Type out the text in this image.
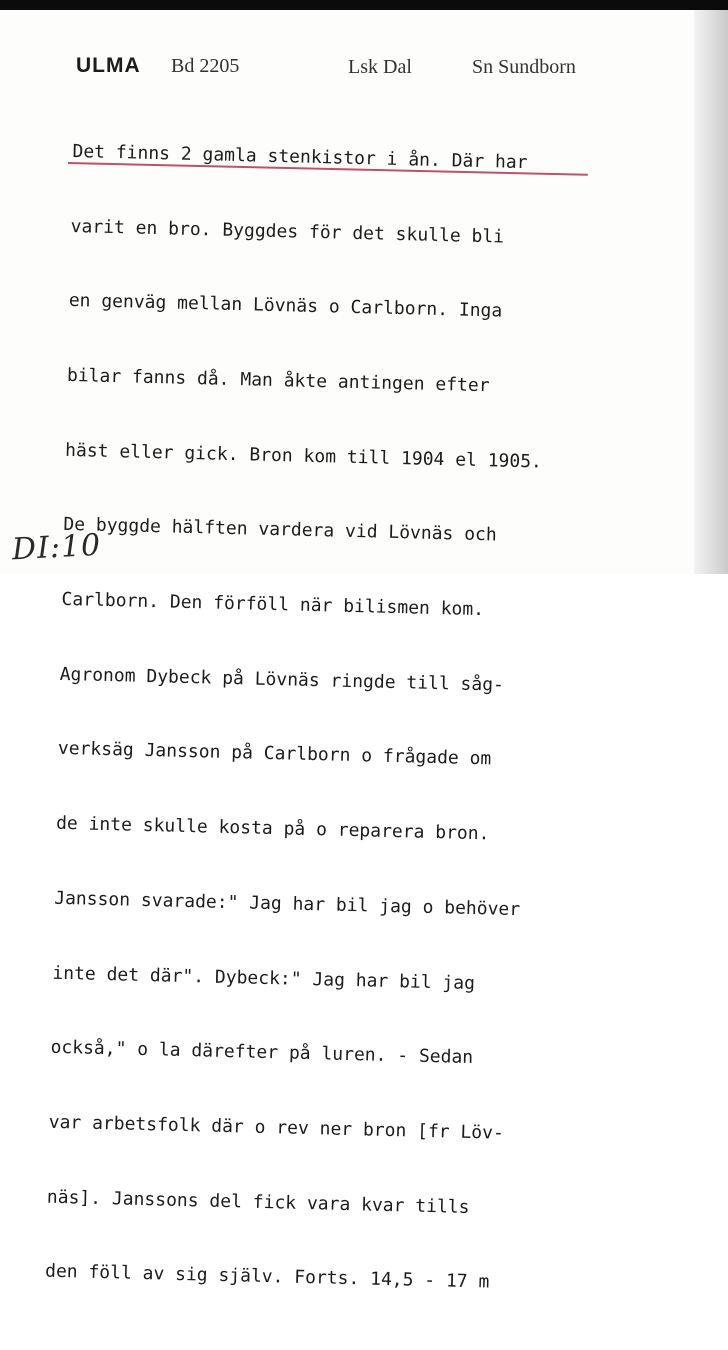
ULMA Bd 2205	Lsk Dal	Sn Sundborn

Det finns 2 gamla stenkistor i ån. Där har

varit en bro. Byggdes för det skulle bli

en genväg mellan Lövnäs o Carlborn. Inga

bilar fanns då. Man åkte antingen efter

häst eller gick. Bron kom till 1904 el 1905.

De byggde hälften vardera vid Lövnäs och

Carlborn. Den förföll när bilismen kom.

Agronom Dybeck på Lövnäs ringde till såg-

verksäg Jansson på Carlborn o frågade om

de inte skulle kosta på o reparera bron.

Jansson svarade:" Jag har bil jag o behöver

inte det där". Dybeck:" Jag har bil jag

också," o la därefter på luren. - Sedan

var arbetsfolk där o rev ner bron [fr Löv-

näs]. Janssons del fick vara kvar tills

den föll av sig själv. Forts. 14,5 - 17 m

DI:10
